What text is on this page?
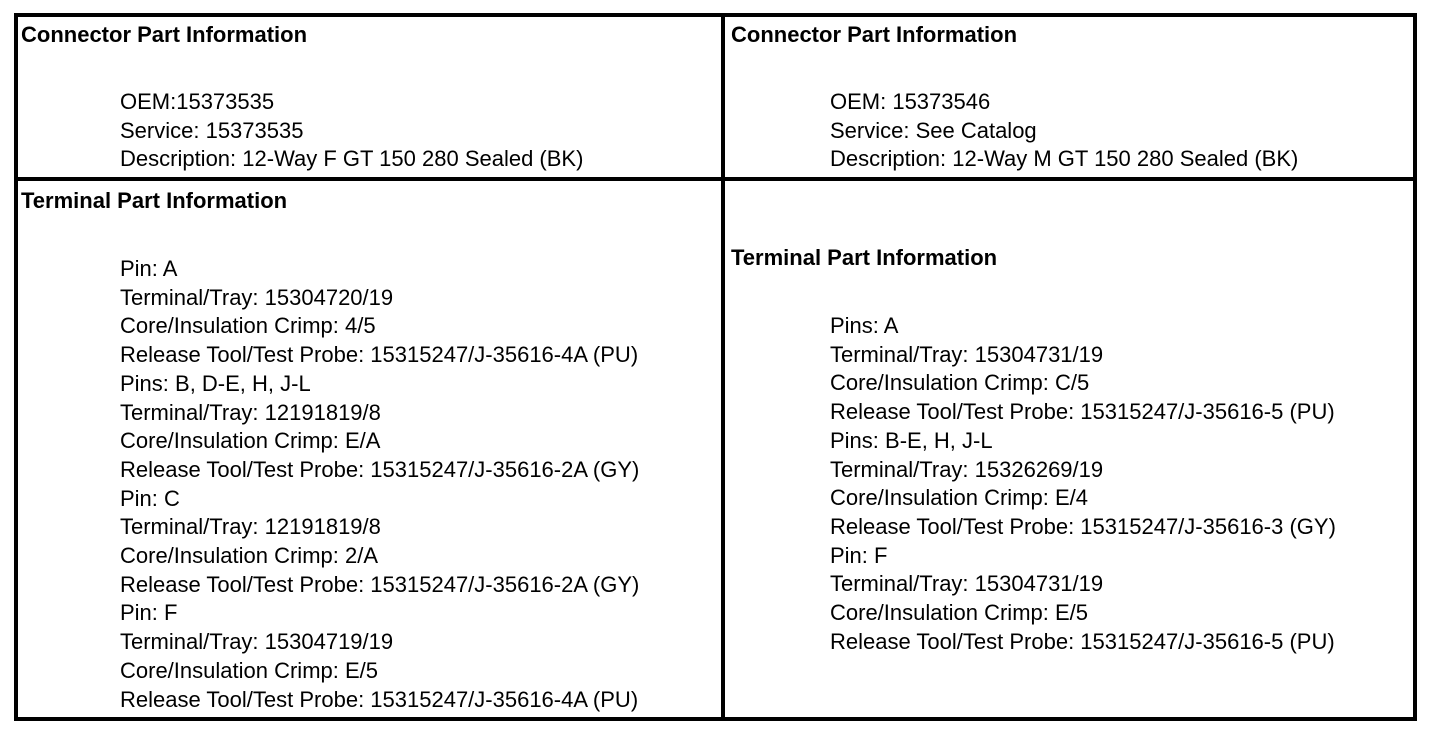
Connector Part Information
OEM:15373535
Service: 15373535
Description: 12-Way F GT 150 280 Sealed (BK)
Connector Part Information
OEM: 15373546
Service: See Catalog
Description: 12-Way M GT 150 280 Sealed (BK)
Terminal Part Information
Pin: A
Terminal/Tray: 15304720/19
Core/Insulation Crimp: 4/5
Release Tool/Test Probe: 15315247/J-35616-4A (PU)
Pins: B, D-E, H, J-L
Terminal/Tray: 12191819/8
Core/Insulation Crimp: E/A
Release Tool/Test Probe: 15315247/J-35616-2A (GY)
Pin: C
Terminal/Tray: 12191819/8
Core/Insulation Crimp: 2/A
Release Tool/Test Probe: 15315247/J-35616-2A (GY)
Pin: F
Terminal/Tray: 15304719/19
Core/Insulation Crimp: E/5
Release Tool/Test Probe: 15315247/J-35616-4A (PU)
Terminal Part Information
Pins: A
Terminal/Tray: 15304731/19
Core/Insulation Crimp: C/5
Release Tool/Test Probe: 15315247/J-35616-5 (PU)
Pins: B-E, H, J-L
Terminal/Tray: 15326269/19
Core/Insulation Crimp: E/4
Release Tool/Test Probe: 15315247/J-35616-3 (GY)
Pin: F
Terminal/Tray: 15304731/19
Core/Insulation Crimp: E/5
Release Tool/Test Probe: 15315247/J-35616-5 (PU)
